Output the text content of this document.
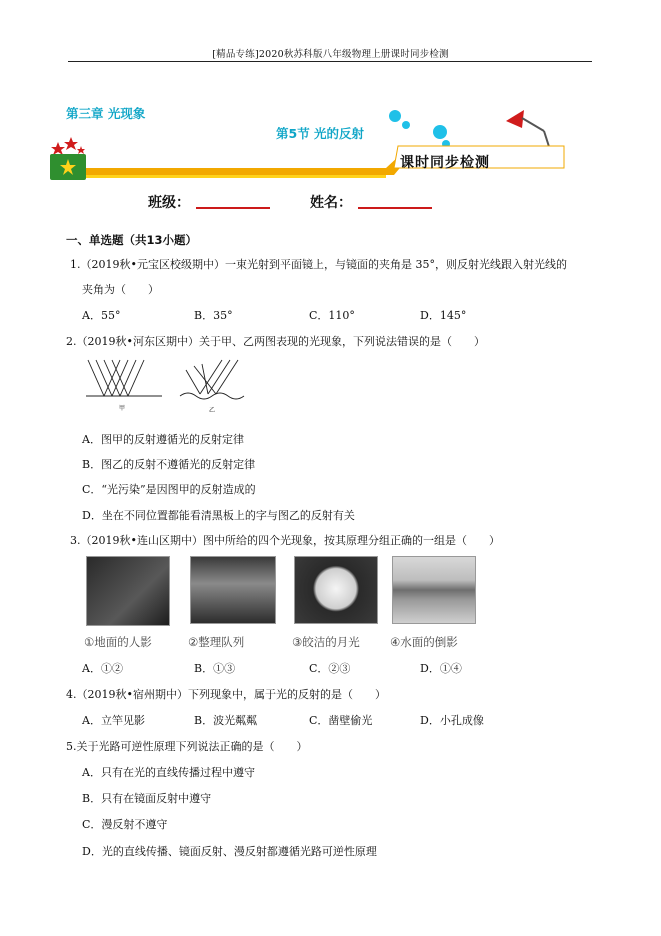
[精品专练]2020秋苏科版八年级物理上册课时同步检测
第三章 光现象
第5节 光的反射
课时同步检测
班级：	姓名：
一、单选题（共13小题）
1.（2019秋•元宝区校级期中）一束光射到平面镜上，与镜面的夹角是 35°，则反射光线跟入射光线的
夹角为（　　）
A．55°	B．35°	C．110°	D．145°
2.（2019秋•河东区期中）关于甲、乙两图表现的光现象，下列说法错误的是（　　）
甲	乙
A．图甲的反射遵循光的反射定律
B．图乙的反射不遵循光的反射定律
C．“光污染”是因图甲的反射造成的
D．坐在不同位置都能看清黑板上的字与图乙的反射有关
3.（2019秋•连山区期中）图中所给的四个光现象，按其原理分组正确的一组是（　　）
①地面的人影	②整理队列	③皎洁的月光	④水面的倒影
A．①②	B．①③	C．②③	D．①④
4.（2019秋•宿州期中）下列现象中，属于光的反射的是（　　）
A．立竿见影	B．波光粼粼	C．凿壁偷光	D．小孔成像
5.关于光路可逆性原理下列说法正确的是（　　）
A．只有在光的直线传播过程中遵守
B．只有在镜面反射中遵守
C．漫反射不遵守
D．光的直线传播、镜面反射、漫反射都遵循光路可逆性原理
